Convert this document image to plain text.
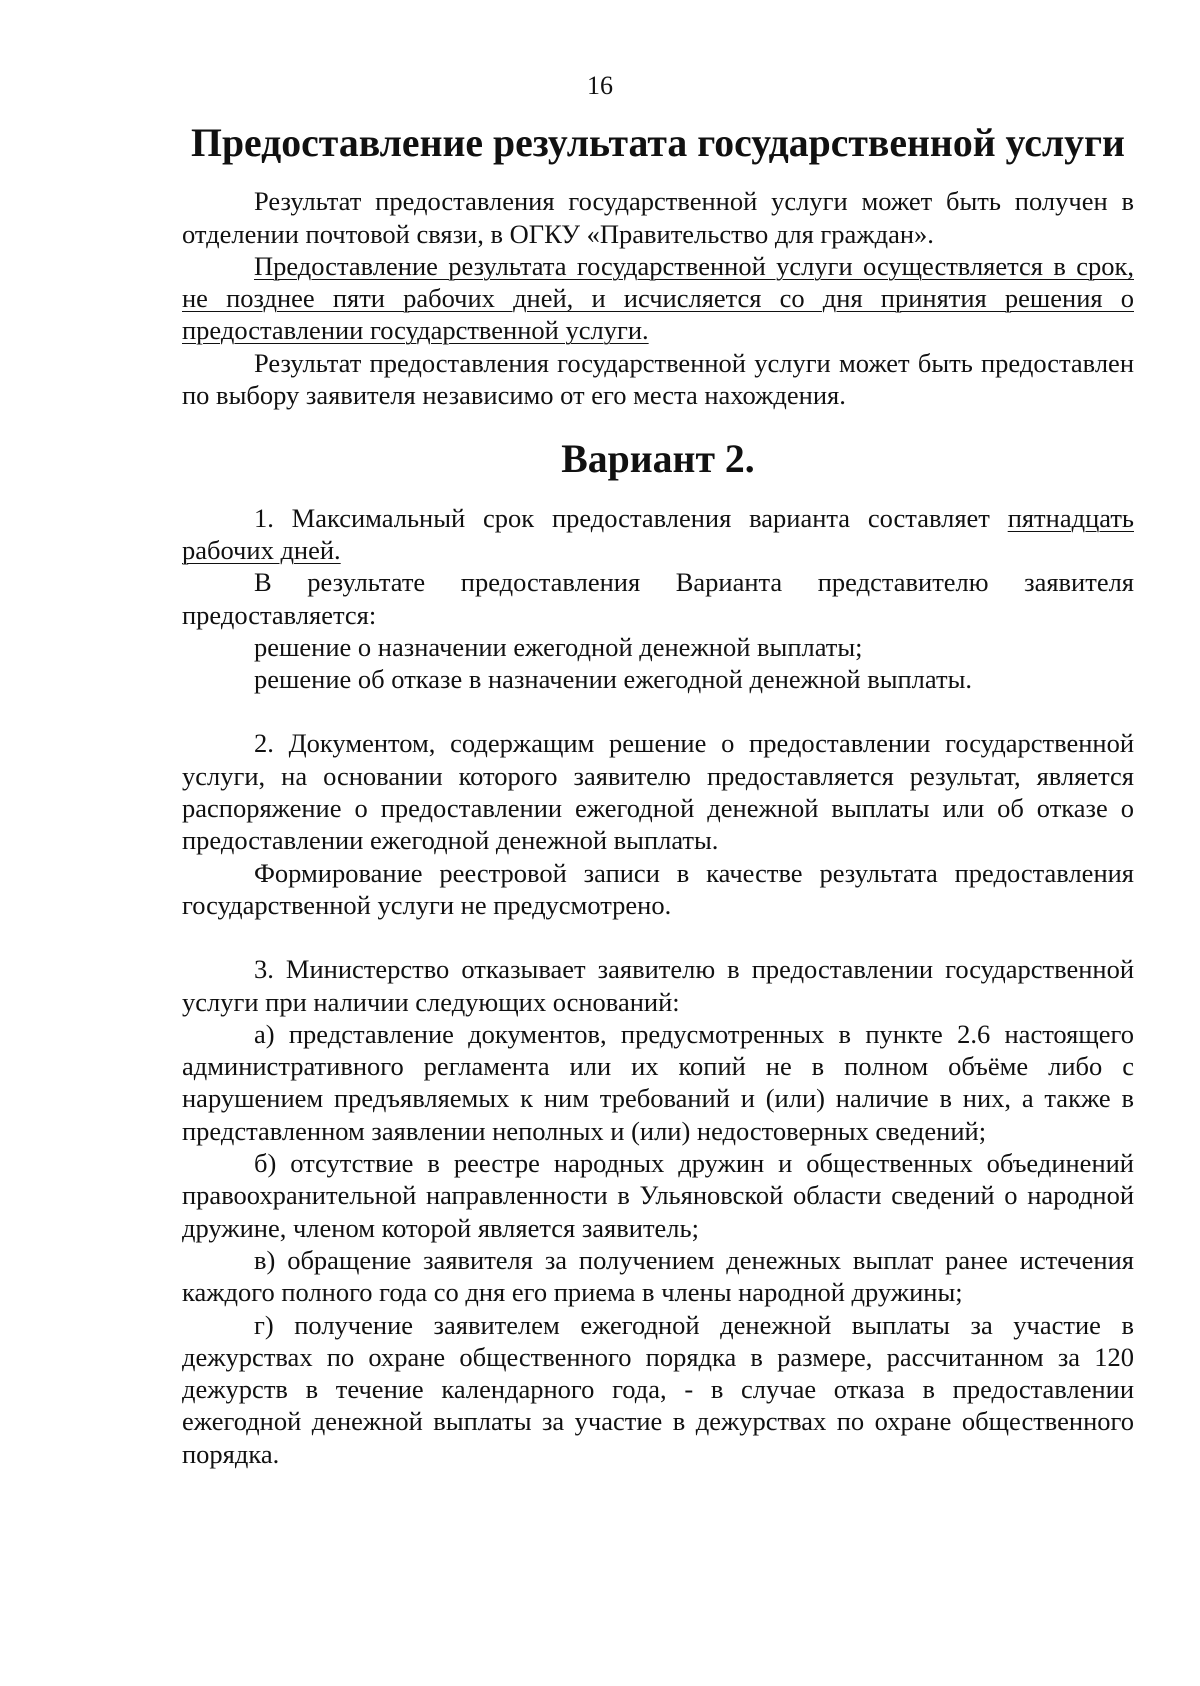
16
Предоставление результата государственной услуги

Результат предоставления государственной услуги может быть получен в отделении почтовой связи, в ОГКУ «Правительство для граждан».

Предоставление результата государственной услуги осуществляется в срок, не позднее пяти рабочих дней, и исчисляется со дня принятия решения о предоставлении государственной услуги.

Результат предоставления государственной услуги может быть предоставлен по выбору заявителя независимо от его места нахождения.

Вариант 2.

1. Максимальный срок предоставления варианта составляет пятнадцать рабочих дней.

В результате предоставления Варианта представителю заявителя предоставляется:

решение о назначении ежегодной денежной выплаты;

решение об отказе в назначении ежегодной денежной выплаты.

2. Документом, содержащим решение о предоставлении государственной услуги, на основании которого заявителю предоставляется результат, является распоряжение о предоставлении ежегодной денежной выплаты или об отказе о предоставлении ежегодной денежной выплаты.

Формирование реестровой записи в качестве результата предоставления государственной услуги не предусмотрено.

3. Министерство отказывает заявителю в предоставлении государственной услуги при наличии следующих оснований:

а) представление документов, предусмотренных в пункте 2.6 настоящего административного регламента или их копий не в полном объёме либо с нарушением предъявляемых к ним требований и (или) наличие в них, а также в представленном заявлении неполных и (или) недостоверных сведений;

б) отсутствие в реестре народных дружин и общественных объединений правоохранительной направленности в Ульяновской области сведений о народной дружине, членом которой является заявитель;

в) обращение заявителя за получением денежных выплат ранее истечения каждого полного года со дня его приема в члены народной дружины;

г) получение заявителем ежегодной денежной выплаты за участие в дежурствах по охране общественного порядка в размере, рассчитанном за 120 дежурств в течение календарного года, - в случае отказа в предоставлении ежегодной денежной выплаты за участие в дежурствах по охране общественного порядка.
